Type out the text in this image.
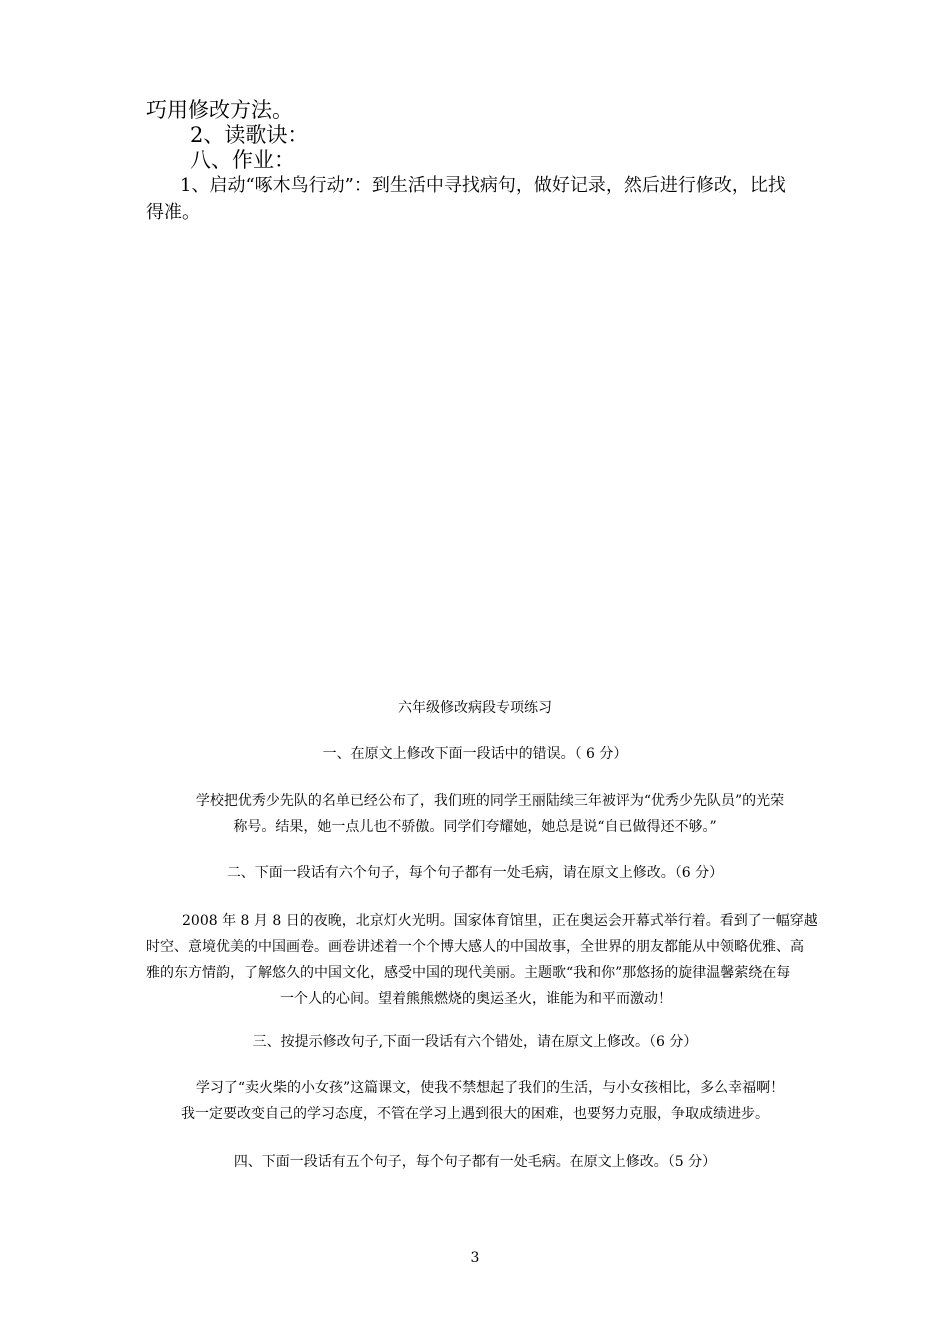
巧用修改方法。
2、读歌诀：
八、作业：
1、启动“啄木鸟行动”：到生活中寻找病句，做好记录，然后进行修改，比找
得准。
六年级修改病段专项练习
一、在原文上修改下面一段话中的错误。（ 6 分）
学校把优秀少先队的名单已经公布了，我们班的同学王丽陆续三年被评为“优秀少先队员”的光荣
称号。结果，她一点儿也不骄傲。同学们夸耀她，她总是说“自已做得还不够。”
二、下面一段话有六个句子，每个句子都有一处毛病，请在原文上修改。（6 分）
2008 年 8 月 8 日的夜晚，北京灯火光明。国家体育馆里，正在奥运会开幕式举行着。看到了一幅穿越
时空、意境优美的中国画卷。画卷讲述着一个个博大感人的中国故事，全世界的朋友都能从中领略优雅、高
雅的东方情韵，了解悠久的中国文化，感受中国的现代美丽。主题歌“我和你”那悠扬的旋律温馨萦绕在每
一个人的心间。望着熊熊燃烧的奥运圣火，谁能为和平而激动！
三、按提示修改句子,下面一段话有六个错处，请在原文上修改。（6 分）
学习了“卖火柴的小女孩”这篇课文，使我不禁想起了我们的生活，与小女孩相比，多么幸福啊！
我一定要改变自己的学习态度，不管在学习上遇到很大的困难，也要努力克服，争取成绩进步。
四、下面一段话有五个句子，每个句子都有一处毛病。在原文上修改。（5 分）
3
